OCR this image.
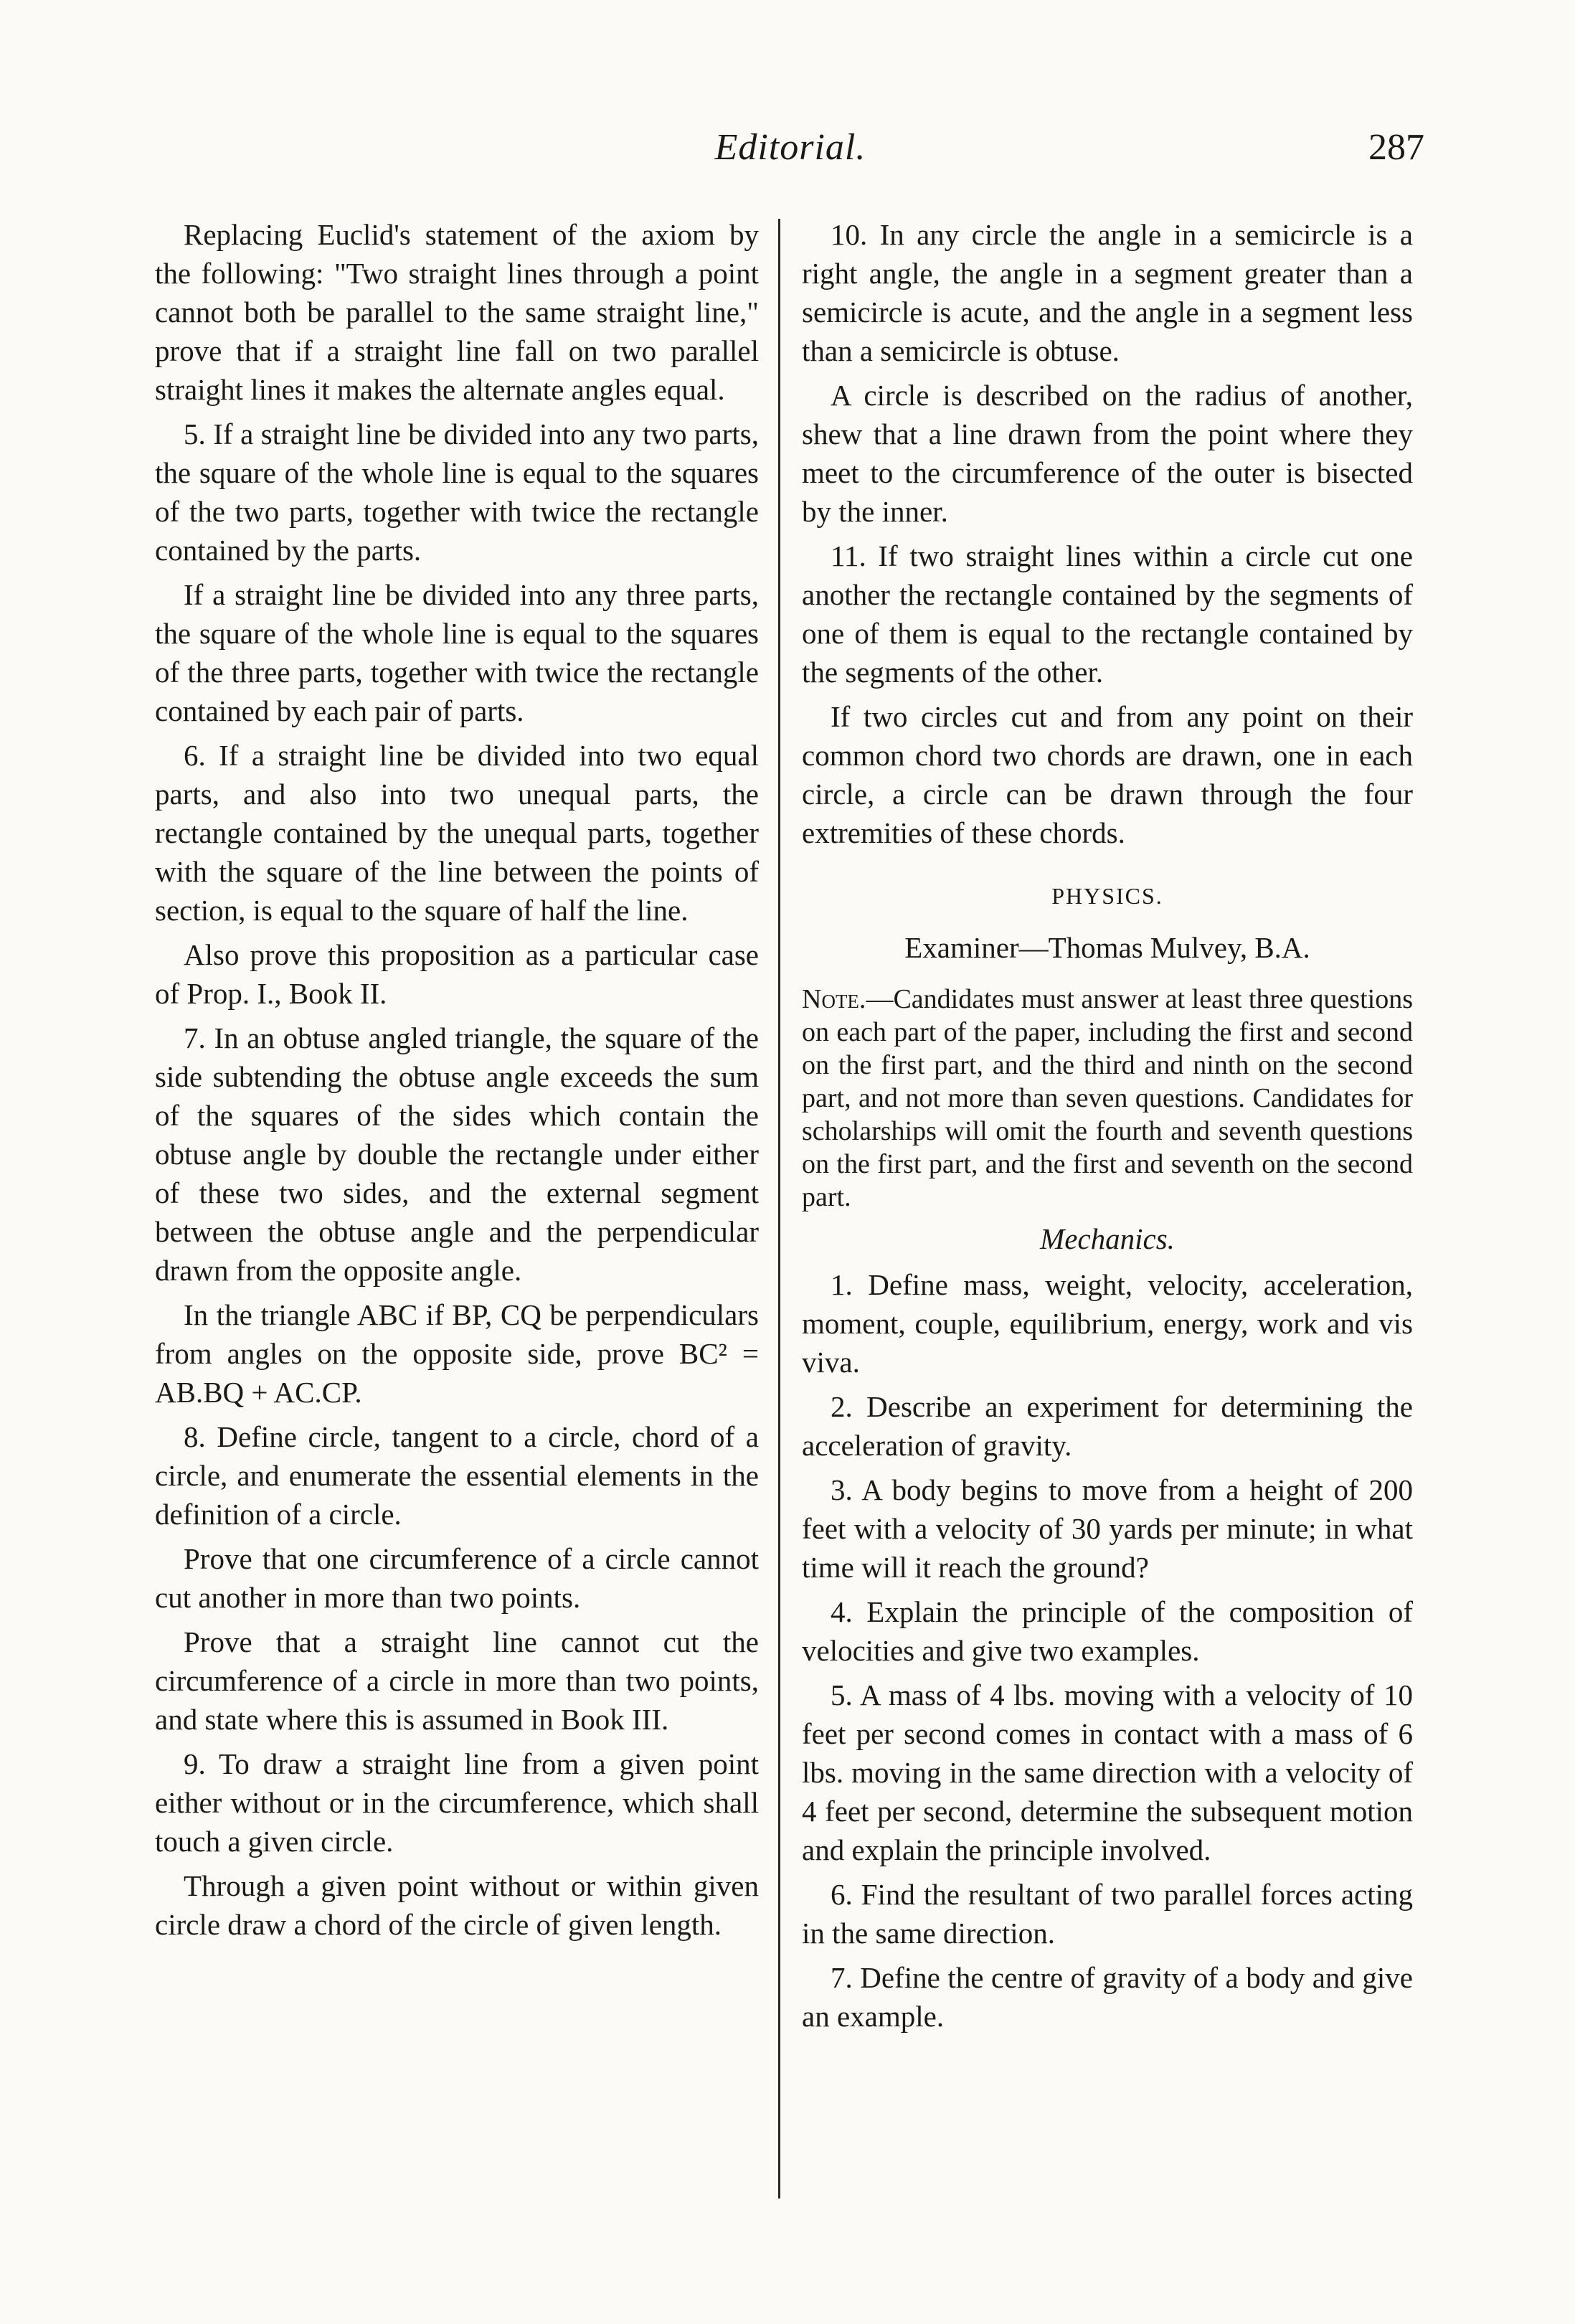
Editorial.	287

Replacing Euclid's statement of the axiom by the following: "Two straight lines through a point cannot both be parallel to the same straight line," prove that if a straight line fall on two parallel straight lines it makes the alternate angles equal.

5. If a straight line be divided into any two parts, the square of the whole line is equal to the squares of the two parts, together with twice the rectangle contained by the parts.

If a straight line be divided into any three parts, the square of the whole line is equal to the squares of the three parts, together with twice the rectangle contained by each pair of parts.

6. If a straight line be divided into two equal parts, and also into two unequal parts, the rectangle contained by the unequal parts, together with the square of the line between the points of section, is equal to the square of half the line.

Also prove this proposition as a particular case of Prop. I., Book II.

7. In an obtuse angled triangle, the square of the side subtending the obtuse angle exceeds the sum of the squares of the sides which contain the obtuse angle by double the rectangle under either of these two sides, and the external segment between the obtuse angle and the perpendicular drawn from the opposite angle.

In the triangle ABC if BP, CQ be perpendiculars from angles on the opposite side, prove BC² = AB.BQ + AC.CP.

8. Define circle, tangent to a circle, chord of a circle, and enumerate the essential elements in the definition of a circle.

Prove that one circumference of a circle cannot cut another in more than two points.

Prove that a straight line cannot cut the circumference of a circle in more than two points, and state where this is assumed in Book III.

9. To draw a straight line from a given point either without or in the circumference, which shall touch a given circle.

Through a given point without or within given circle draw a chord of the circle of given length.

10. In any circle the angle in a semicircle is a right angle, the angle in a segment greater than a semicircle is acute, and the angle in a segment less than a semicircle is obtuse.

A circle is described on the radius of another, shew that a line drawn from the point where they meet to the circumference of the outer is bisected by the inner.

11. If two straight lines within a circle cut one another the rectangle contained by the segments of one of them is equal to the rectangle contained by the segments of the other.

If two circles cut and from any point on their common chord two chords are drawn, one in each circle, a circle can be drawn through the four extremities of these chords.

PHYSICS.

Examiner—Thomas Mulvey, B.A.

Note.—Candidates must answer at least three questions on each part of the paper, including the first and second on the first part, and the third and ninth on the second part, and not more than seven questions. Candidates for scholarships will omit the fourth and seventh questions on the first part, and the first and seventh on the second part.

Mechanics.

1. Define mass, weight, velocity, acceleration, moment, couple, equilibrium, energy, work and vis viva.

2. Describe an experiment for determining the acceleration of gravity.

3. A body begins to move from a height of 200 feet with a velocity of 30 yards per minute; in what time will it reach the ground?

4. Explain the principle of the composition of velocities and give two examples.

5. A mass of 4 lbs. moving with a velocity of 10 feet per second comes in contact with a mass of 6 lbs. moving in the same direction with a velocity of 4 feet per second, determine the subsequent motion and explain the principle involved.

6. Find the resultant of two parallel forces acting in the same direction.

7. Define the centre of gravity of a body and give an example.
